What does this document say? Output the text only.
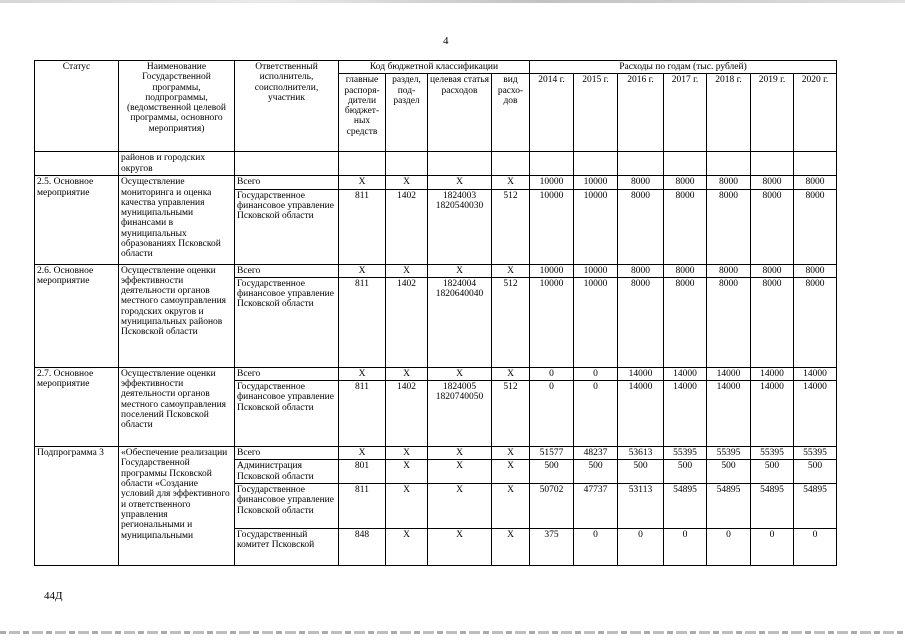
4
Статус	Наименование Государственной программы, подпрограммы, (ведомственной целевой программы, основного мероприятия)	Ответственный исполнитель, соисполнители, участник	Код бюджетной классификации				Расходы по годам (тыс. рублей)						
			главные распоря- дители бюджет- ных средств	раздел, под- раздел	целевая статья расходов	вид расхо- дов	2014 г.	2015 г.	2016 г.	2017 г.	2018 г.	2019 г.	2020 г.
	районов и городских округов												
2.5. Основное мероприятие	Осуществление мониторинга и оценка качества управления муниципальными финансами в муниципальных образованиях Псковской области	Всего	X	X	X	X	10000	10000	8000	8000	8000	8000	8000
		Государственное финансовое управление Псковской области	811	1402	1824003 1820540030	512	10000	10000	8000	8000	8000	8000	8000
2.6. Основное мероприятие	Осуществление оценки эффективности деятельности органов местного самоуправления городских округов и муниципальных районов Псковской области	Всего	X	X	X	X	10000	10000	8000	8000	8000	8000	8000
		Государственное финансовое управление Псковской области	811	1402	1824004 1820640040	512	10000	10000	8000	8000	8000	8000	8000
2.7. Основное мероприятие	Осуществление оценки эффективности деятельности органов местного самоуправления поселений Псковской области	Всего	X	X	X	X	0	0	14000	14000	14000	14000	14000
		Государственное финансовое управление Псковской области	811	1402	1824005 1820740050	512	0	0	14000	14000	14000	14000	14000
Подпрограмма 3	«Обеспечение реализации Государственной программы Псковской области «Создание условий для эффективного и ответственного управления региональными и муниципальными	Всего	X	X	X	X	51577	48237	53613	55395	55395	55395	55395
		Администрация Псковской области	801	X	X	X	500	500	500	500	500	500	500
		Государственное финансовое управление Псковской области	811	X	X	X	50702	47737	53113	54895	54895	54895	54895
		Государственный комитет Псковской	848	X	X	X	375	0	0	0	0	0	0
44Д
